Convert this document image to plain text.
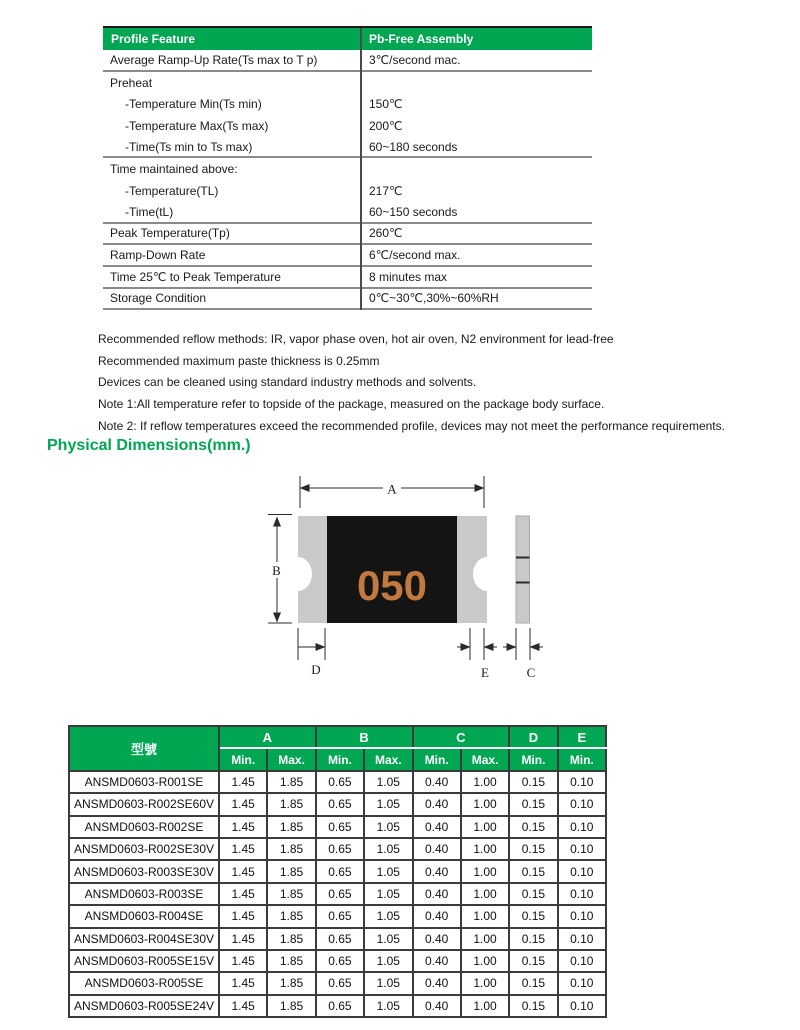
Profile Feature	Pb-Free Assembly
Average Ramp-Up Rate(Ts max to T p)	3℃/second mac.
Preheat
-Temperature Min(Ts min)	150℃
-Temperature Max(Ts max)	200℃
-Time(Ts min to Ts max)	60~180 seconds
Time maintained above:
-Temperature(TL)	217℃
-Time(tL)	60~150 seconds
Peak Temperature(Tp)	260℃
Ramp-Down Rate	6℃/second max.
Time 25℃ to Peak Temperature	8 minutes max
Storage Condition	0℃~30℃,30%~60%RH
Recommended reflow methods: IR, vapor phase oven, hot air oven, N2 environment for lead-free
Recommended maximum paste thickness is 0.25mm
Devices can be cleaned using standard industry methods and solvents.
Note 1:All temperature refer to topside of the package, measured on the package body surface.
Note 2: If reflow temperatures exceed the recommended profile, devices may not meet the performance requirements.
Physical Dimensions(mm.)
050
A
B
D	E	C
型號	A		B		C		D	E
	Min.	Max.	Min.	Max.	Min.	Max.	Min.	Min.
ANSMD0603-R001SE	1.45	1.85	0.65	1.05	0.40	1.00	0.15	0.10
ANSMD0603-R002SE60V	1.45	1.85	0.65	1.05	0.40	1.00	0.15	0.10
ANSMD0603-R002SE	1.45	1.85	0.65	1.05	0.40	1.00	0.15	0.10
ANSMD0603-R002SE30V	1.45	1.85	0.65	1.05	0.40	1.00	0.15	0.10
ANSMD0603-R003SE30V	1.45	1.85	0.65	1.05	0.40	1.00	0.15	0.10
ANSMD0603-R003SE	1.45	1.85	0.65	1.05	0.40	1.00	0.15	0.10
ANSMD0603-R004SE	1.45	1.85	0.65	1.05	0.40	1.00	0.15	0.10
ANSMD0603-R004SE30V	1.45	1.85	0.65	1.05	0.40	1.00	0.15	0.10
ANSMD0603-R005SE15V	1.45	1.85	0.65	1.05	0.40	1.00	0.15	0.10
ANSMD0603-R005SE	1.45	1.85	0.65	1.05	0.40	1.00	0.15	0.10
ANSMD0603-R005SE24V	1.45	1.85	0.65	1.05	0.40	1.00	0.15	0.10
